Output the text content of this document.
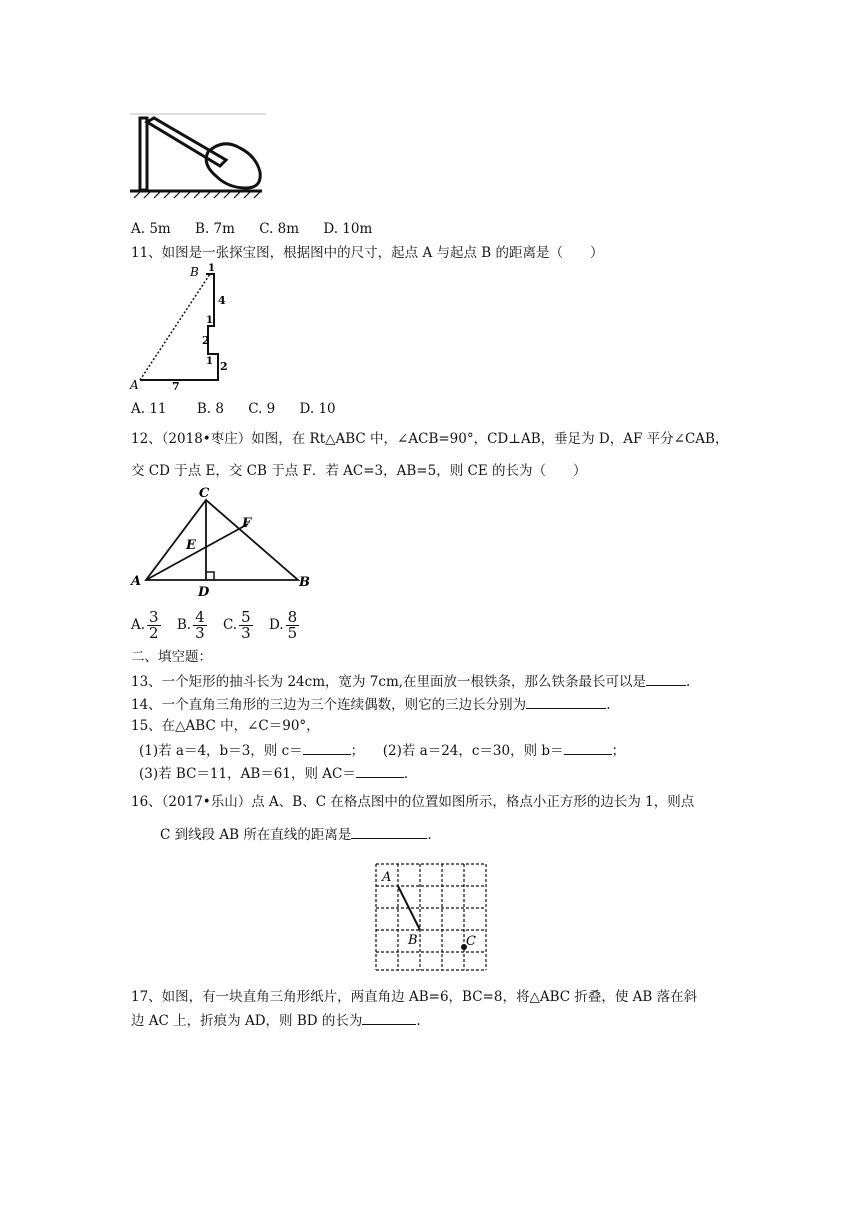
A. 5m B. 7m C. 8m D. 10m
11、如图是一张探宝图，根据图中的尺寸，起点 A 与起点 B 的距离是（　　）
A
B
7
1
4
1
2
1 2
A. 11 B. 8 C. 9 D. 10
12、（2018•枣庄）如图，在 Rt△ABC 中，∠ACB=90°，CD⊥AB，垂足为 D，AF 平分∠CAB，
交 CD 于点 E，交 CB 于点 F．若 AC=3，AB=5，则 CE 的长为（　　）
C
A	B
D
E
F
A. $\frac{3}{2} B$. $\frac{4}{3} C$. $\frac{5}{3} D$. $\frac{8}{5}$
二、填空题：
13、一个矩形的抽斗长为 24cm，宽为 7cm,在里面放一根铁条，那么铁条最长可以是	.
14、一个直角三角形的三边为三个连续偶数，则它的三边长分别为	.
15、在△ABC 中，∠C＝90°，
(1)若 a＝4，b＝3，则 c＝	； (2)若 a＝24，c＝30，则 b＝	；
(3)若 BC＝11，AB＝61，则 AC＝	.
16、（2017•乐山）点 A、B、C 在格点图中的位置如图所示，格点小正方形的边长为 1，则点
C 到线段 AB 所在直线的距离是	.
A
B	C
17、如图，有一块直角三角形纸片，两直角边 AB=6，BC=8，将△ABC 折叠，使 AB 落在斜
边 AC 上，折痕为 AD，则 BD 的长为	.
